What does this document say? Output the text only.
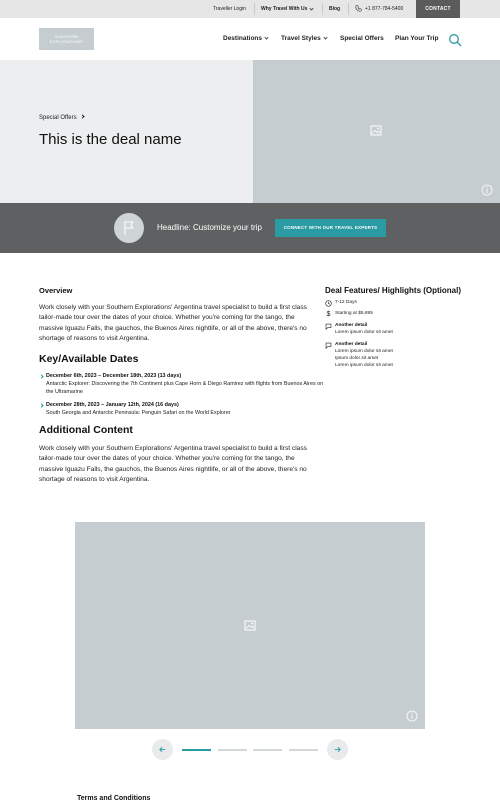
Traveller Login	Why Travel With Us	Blog	+1 877-784-5400	CONTACT
SOUTHERN
EXPLORATIONS	Destinations	Travel Styles	Special Offers Plan Your Trip
Special Offers
This is the deal name
Headline: Customize your trip	CONNECT WITH OUR TRAVEL EXPERTS
Overview
Work closely with your Southern Explorations' Argentina travel specialist to build a first class tailor-made tour over the dates of your choice. Whether you're coming for the tango, the massive Iguazu Falls, the gauchos, the Buenos Aires nightlife, or all of the above, there's no shortage of reasons to visit Argentina.
Key/Available Dates
December 6th, 2023 – December 18th, 2023 (13 days)
Antarctic Explorer: Discovering the 7th Continent plus Cape Horn & Diego Ramirez with flights from Buenos Aires on the Ultramarine
December 28th, 2023 – January 12th, 2024 (16 days)
South Georgia and Antarctic Peninsula: Penguin Safari on the World Explorer
Additional Content
Work closely with your Southern Explorations' Argentina travel specialist to build a first class tailor-made tour over the dates of your choice. Whether you're coming for the tango, the massive Iguazu Falls, the gauchos, the Buenos Aires nightlife, or all of the above, there's no shortage of reasons to visit Argentina.
Deal Features/ Highlights (Optional)
7-12 Days
$ Starting at $5,895
Another detail
Lorem ipsum dolor sit amet
Another detail
Lorem ipsum dolor sit amet
Ipsum dolor sit amet
Lorem ipsum dolor sit amet
Terms and Conditions
